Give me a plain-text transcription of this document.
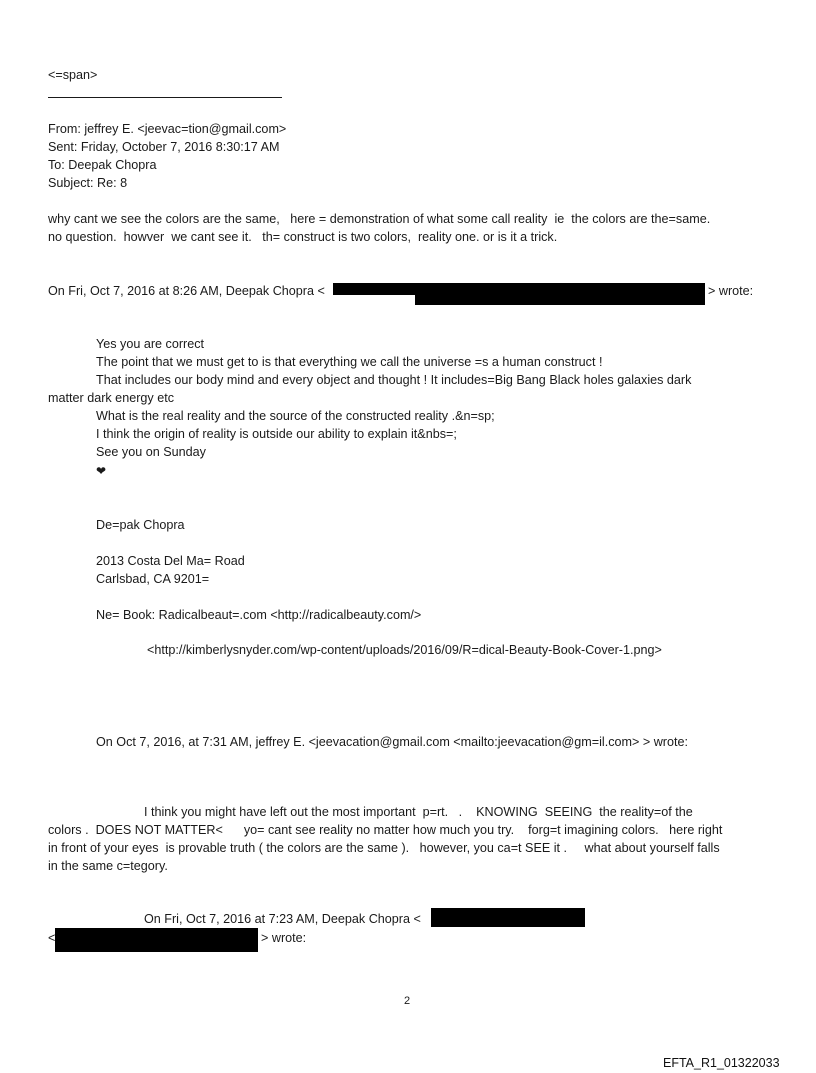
<=span>
From: jeffrey E. <jeevac=tion@gmail.com>
Sent: Friday, October 7, 2016 8:30:17 AM
To: Deepak Chopra
Subject: Re: 8
why cant we see the colors are the same,   here = demonstration of what some call reality  ie  the colors are the=same.
no question.  howver  we cant see it.   th= construct is two colors,  reality one. or is it a trick.
On Fri, Oct 7, 2016 at 8:26 AM, Deepak Chopra <	> wrote:
Yes you are correct
The point that we must get to is that everything we call the universe =s a human construct !
That includes our body mind and every object and thought ! It includes=Big Bang Black holes galaxies dark
matter dark energy etc
What is the real reality and the source of the constructed reality .&n=sp;
I think the origin of reality is outside our ability to explain it&nbs=;
See you on Sunday
❤
De=pak Chopra
2013 Costa Del Ma= Road
Carlsbad, CA 9201=
Ne= Book: Radicalbeaut=.com <http://radicalbeauty.com/>
<http://kimberlysnyder.com/wp-content/uploads/2016/09/R=dical-Beauty-Book-Cover-1.png>
On Oct 7, 2016, at 7:31 AM, jeffrey E. <jeevacation@gmail.com <mailto:jeevacation@gm=il.com> > wrote:
I think you might have left out the most important  p=rt.   .    KNOWING  SEEING  the reality=of the
colors .  DOES NOT MATTER<      yo= cant see reality no matter how much you try.    forg=t imagining colors.   here right
in front of your eyes  is provable truth ( the colors are the same ).   however, you ca=t SEE it .     what about yourself falls
in the same c=tegory.
On Fri, Oct 7, 2016 at 7:23 AM, Deepak Chopra <
<	> wrote:
2
EFTA_R1_01322033
